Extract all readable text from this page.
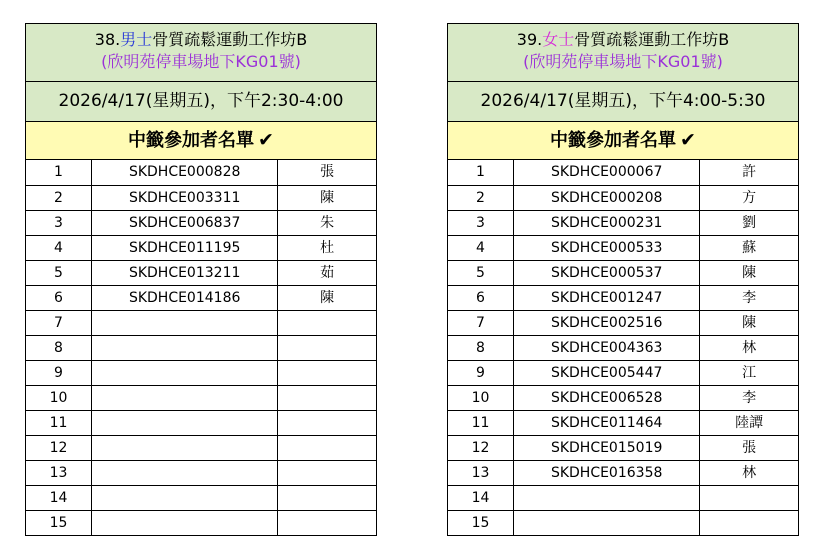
38.男士骨質疏鬆運動工作坊B
(欣明苑停車場地下KG01號)
2026/4/17(星期五)，下午2:30-4:00
中籤參加者名單 ✔
1	SKDHCE000828	張
2	SKDHCE003311	陳
3	SKDHCE006837	朱
4	SKDHCE011195	杜
5	SKDHCE013211	茹
6	SKDHCE014186	陳
7		
8		
9		
10		
11		
12		
13		
14		
15		
39.女士骨質疏鬆運動工作坊B
(欣明苑停車場地下KG01號)
2026/4/17(星期五)，下午4:00-5:30
中籤參加者名單 ✔
1	SKDHCE000067	許
2	SKDHCE000208	方
3	SKDHCE000231	劉
4	SKDHCE000533	蘇
5	SKDHCE000537	陳
6	SKDHCE001247	李
7	SKDHCE002516	陳
8	SKDHCE004363	林
9	SKDHCE005447	江
10	SKDHCE006528	李
11	SKDHCE011464	陸譚
12	SKDHCE015019	張
13	SKDHCE016358	林
14		
15		
